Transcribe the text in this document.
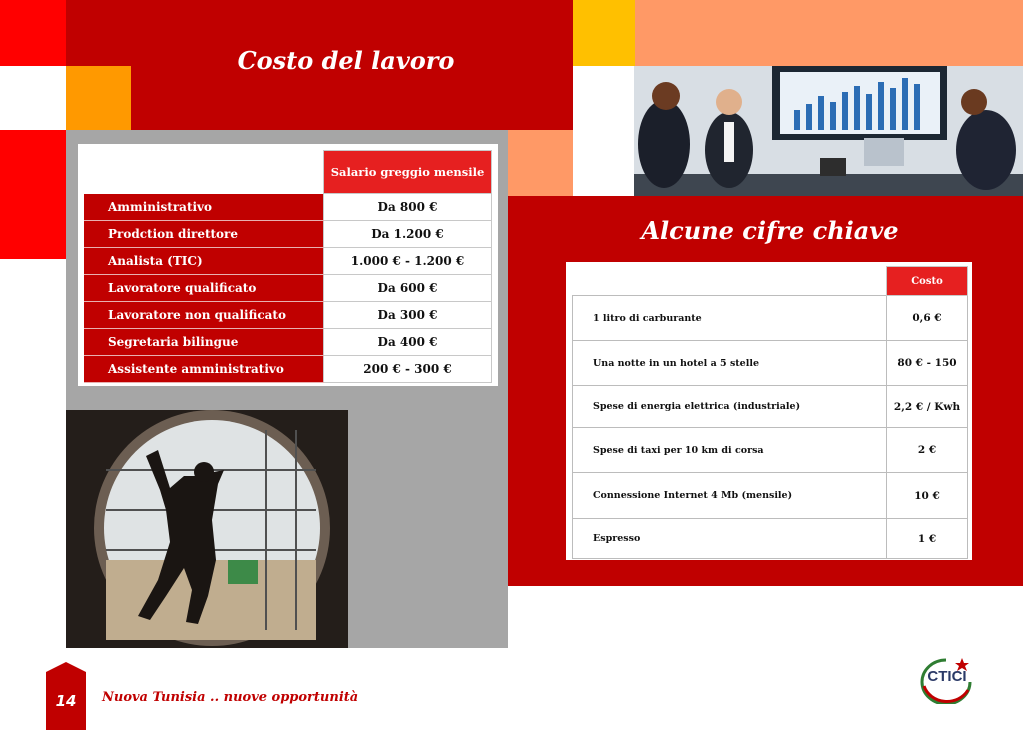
Costo del lavoro
Alcune cifre chiave
	Salario greggio mensile
Amministrativo	Da 800 €
Prodction direttore	Da 1.200 €
Analista (TIC)	1.000 € - 1.200 €
Lavoratore qualificato	Da 600 €
Lavoratore non qualificato	Da 300 €
Segretaria bilingue	Da 400 €
Assistente amministrativo	200 € - 300 €
	Costo
1 litro di carburante	0,6 €
Una notte in un hotel a 5 stelle	80 € - 150
Spese di energia elettrica (industriale)	2,2 € / Kwh
Spese di taxi per 10 km di corsa	2 €
Connessione Internet 4 Mb (mensile)	10 €
Espresso	1 €
14	Nuova Tunisia .. nuove opportunità
CTICI
